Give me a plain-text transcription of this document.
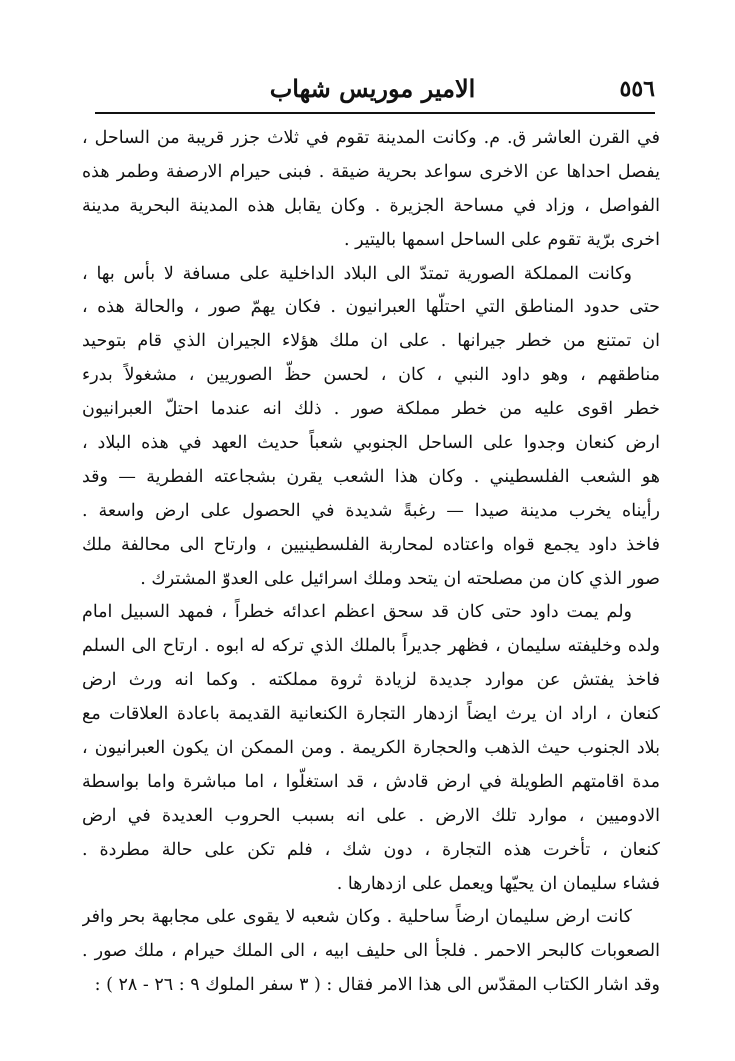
٥٥٦
الامير موريس شهاب
في القرن العاشر ق. م. وكانت المدينة تقوم في ثلاث جزر قريبة من الساحل ،
يفصل احداها عن الاخرى سواعد بحرية ضيقة . فبنى حيرام الارصفة وطمر هذه
الفواصل ، وزاد في مساحة الجزيرة . وكان يقابل هذه المدينة البحرية مدينة
اخرى برّية تقوم على الساحل اسمها باليتير .
وكانت المملكة الصورية تمتدّ الى البلاد الداخلية على مسافة لا بأس بها ،
حتى حدود المناطق التي احتلّها العبرانيون . فكان يهمّ صور ، والحالة هذه ،
ان تمتنع من خطر جيرانها . على ان ملك هؤلاء الجيران الذي قام بتوحيد
مناطقهم ، وهو داود النبي ، كان ، لحسن حظّ الصوريين ، مشغولاً بدرء
خطر اقوى عليه من خطر مملكة صور . ذلك انه عندما احتلّ العبرانيون
ارض كنعان وجدوا على الساحل الجنوبي شعباً حديث العهد في هذه البلاد ،
هو الشعب الفلسطيني . وكان هذا الشعب يقرن بشجاعته الفطرية — وقد
رأيناه يخرب مدينة صيدا — رغبةً شديدة في الحصول على ارض واسعة .
فاخذ داود يجمع قواه واعتاده لمحاربة الفلسطينيين ، وارتاح الى محالفة ملك
صور الذي كان من مصلحته ان يتحد وملك اسرائيل على العدوّ المشترك .
ولم يمت داود حتى كان قد سحق اعظم اعدائه خطراً ، فمهد السبيل امام
ولده وخليفته سليمان ، فظهر جديراً بالملك الذي تركه له ابوه . ارتاح الى السلم
فاخذ يفتش عن موارد جديدة لزيادة ثروة مملكته . وكما انه ورث ارض
كنعان ، اراد ان يرث ايضاً ازدهار التجارة الكنعانية القديمة باعادة العلاقات مع
بلاد الجنوب حيث الذهب والحجارة الكريمة . ومن الممكن ان يكون العبرانيون ،
مدة اقامتهم الطويلة في ارض قادش ، قد استغلّوا ، اما مباشرة واما بواسطة
الادوميين ، موارد تلك الارض . على انه بسبب الحروب العديدة في ارض
كنعان ، تأخرت هذه التجارة ، دون شك ، فلم تكن على حالة مطردة .
فشاء سليمان ان يحيّها ويعمل على ازدهارها .
كانت ارض سليمان ارضاً ساحلية . وكان شعبه لا يقوى على مجابهة بحر وافر
الصعوبات كالبحر الاحمر . فلجأ الى حليف ابيه ، الى الملك حيرام ، ملك صور .
وقد اشار الكتاب المقدّس الى هذا الامر فقال : ( ٣ سفر الملوك ٩ : ٢٦ - ٢٨ ) :
